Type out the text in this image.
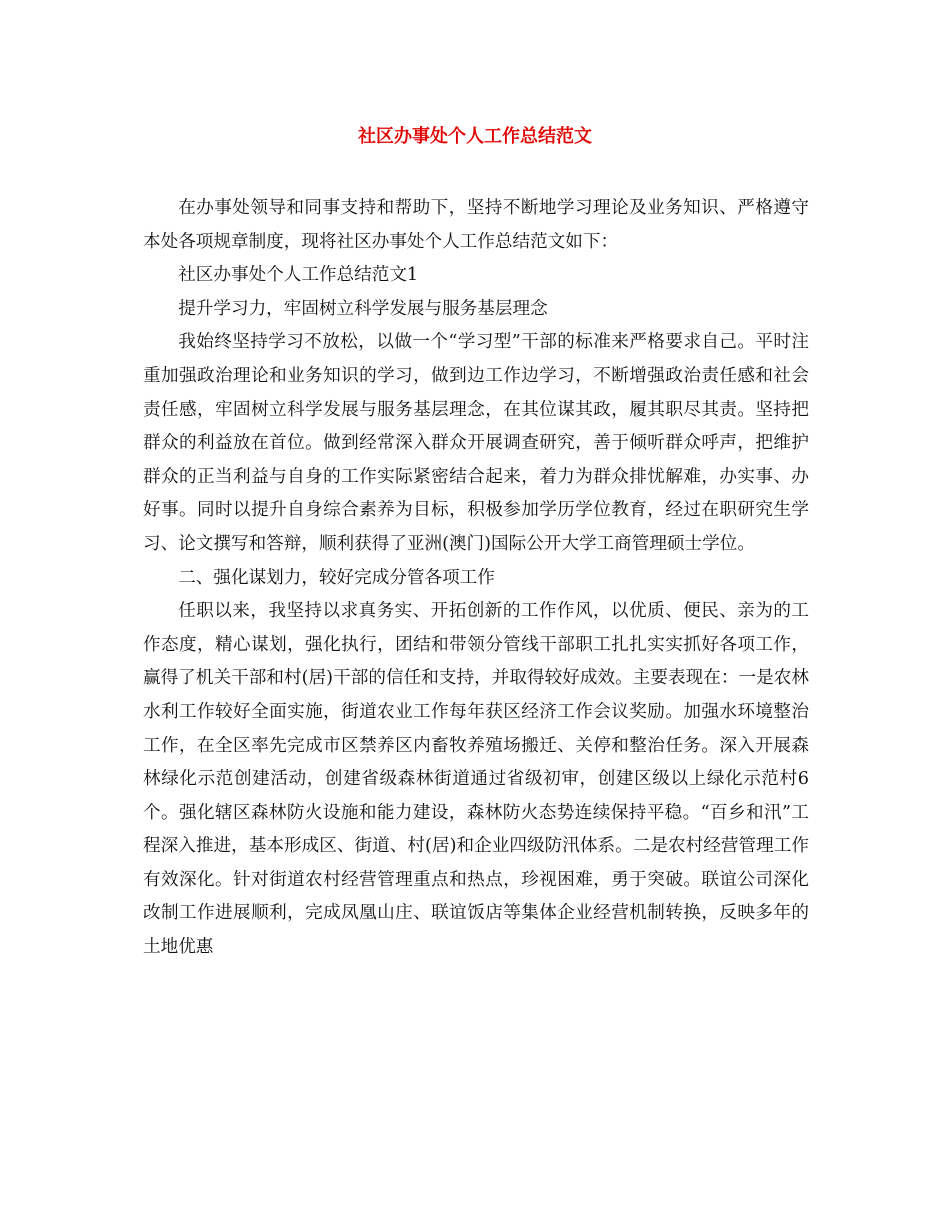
社区办事处个人工作总结范文

在办事处领导和同事支持和帮助下，坚持不断地学习理论及业务知识、严格遵守本处各项规章制度，现将社区办事处个人工作总结范文如下：

社区办事处个人工作总结范文1

提升学习力，牢固树立科学发展与服务基层理念

我始终坚持学习不放松，以做一个“学习型”干部的标准来严格要求自己。平时注重加强政治理论和业务知识的学习，做到边工作边学习，不断增强政治责任感和社会责任感，牢固树立科学发展与服务基层理念，在其位谋其政，履其职尽其责。坚持把群众的利益放在首位。做到经常深入群众开展调查研究，善于倾听群众呼声，把维护群众的正当利益与自身的工作实际紧密结合起来，着力为群众排忧解难，办实事、办好事。同时以提升自身综合素养为目标，积极参加学历学位教育，经过在职研究生学习、论文撰写和答辩，顺利获得了亚洲(澳门)国际公开大学工商管理硕士学位。

二、强化谋划力，较好完成分管各项工作

任职以来，我坚持以求真务实、开拓创新的工作作风，以优质、便民、亲为的工作态度，精心谋划，强化执行，团结和带领分管线干部职工扎扎实实抓好各项工作，赢得了机关干部和村(居)干部的信任和支持，并取得较好成效。主要表现在：一是农林水利工作较好全面实施，街道农业工作每年获区经济工作会议奖励。加强水环境整治工作，在全区率先完成市区禁养区内畜牧养殖场搬迁、关停和整治任务。深入开展森林绿化示范创建活动，创建省级森林街道通过省级初审，创建区级以上绿化示范村6个。强化辖区森林防火设施和能力建设，森林防火态势连续保持平稳。“百乡和汛”工程深入推进，基本形成区、街道、村(居)和企业四级防汛体系。二是农村经营管理工作有效深化。针对街道农村经营管理重点和热点，珍视困难，勇于突破。联谊公司深化改制工作进展顺利，完成凤凰山庄、联谊饭店等集体企业经营机制转换，反映多年的土地优惠
